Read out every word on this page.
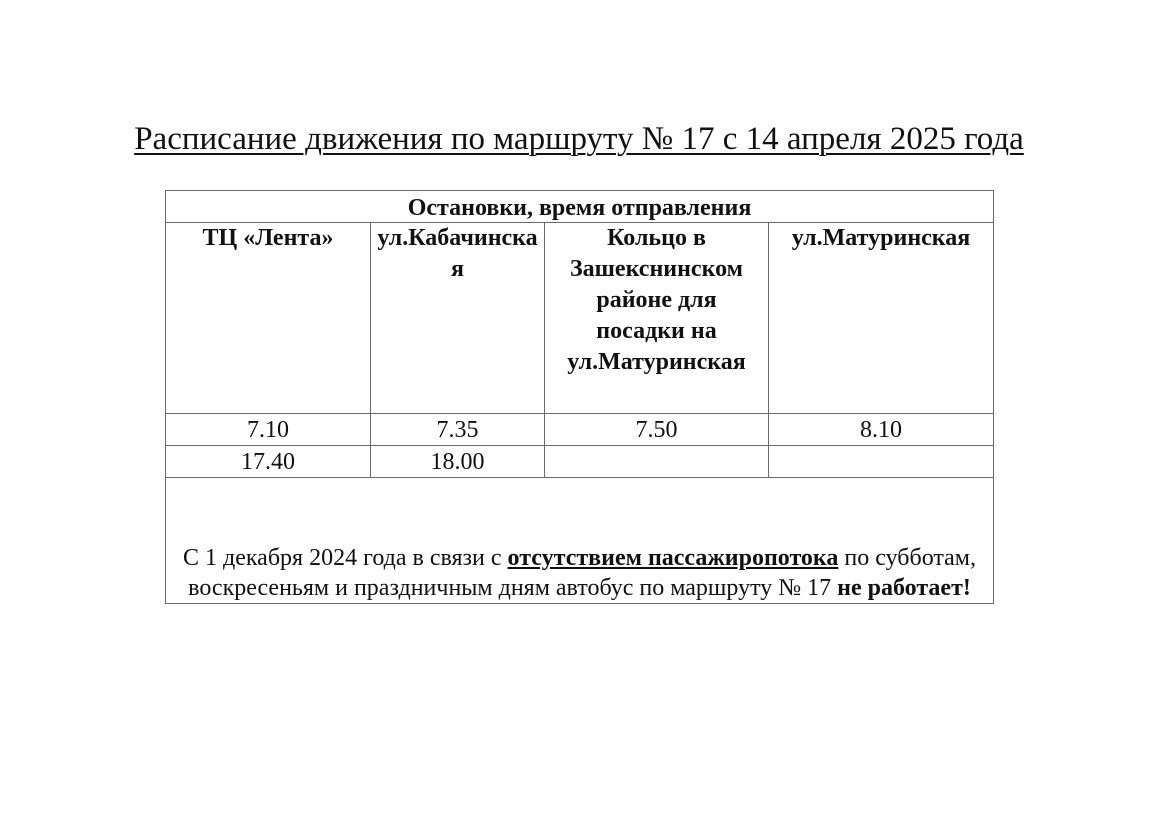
Расписание движения по маршруту № 17 с 14 апреля 2025 года
Остановки, время отправления			

ТЦ «Лента»	ул.Кабачинская	Кольцо в Зашекснинском районе для посадки на ул.Матуринская	ул.Матуринская

7.10	7.35	7.50	8.10
17.40	18.00		
С 1 декабря 2024 года в связи с отсутствием пассажиропотока по субботам, воскресеньям и праздничным дням автобус по маршруту № 17 не работает!			
